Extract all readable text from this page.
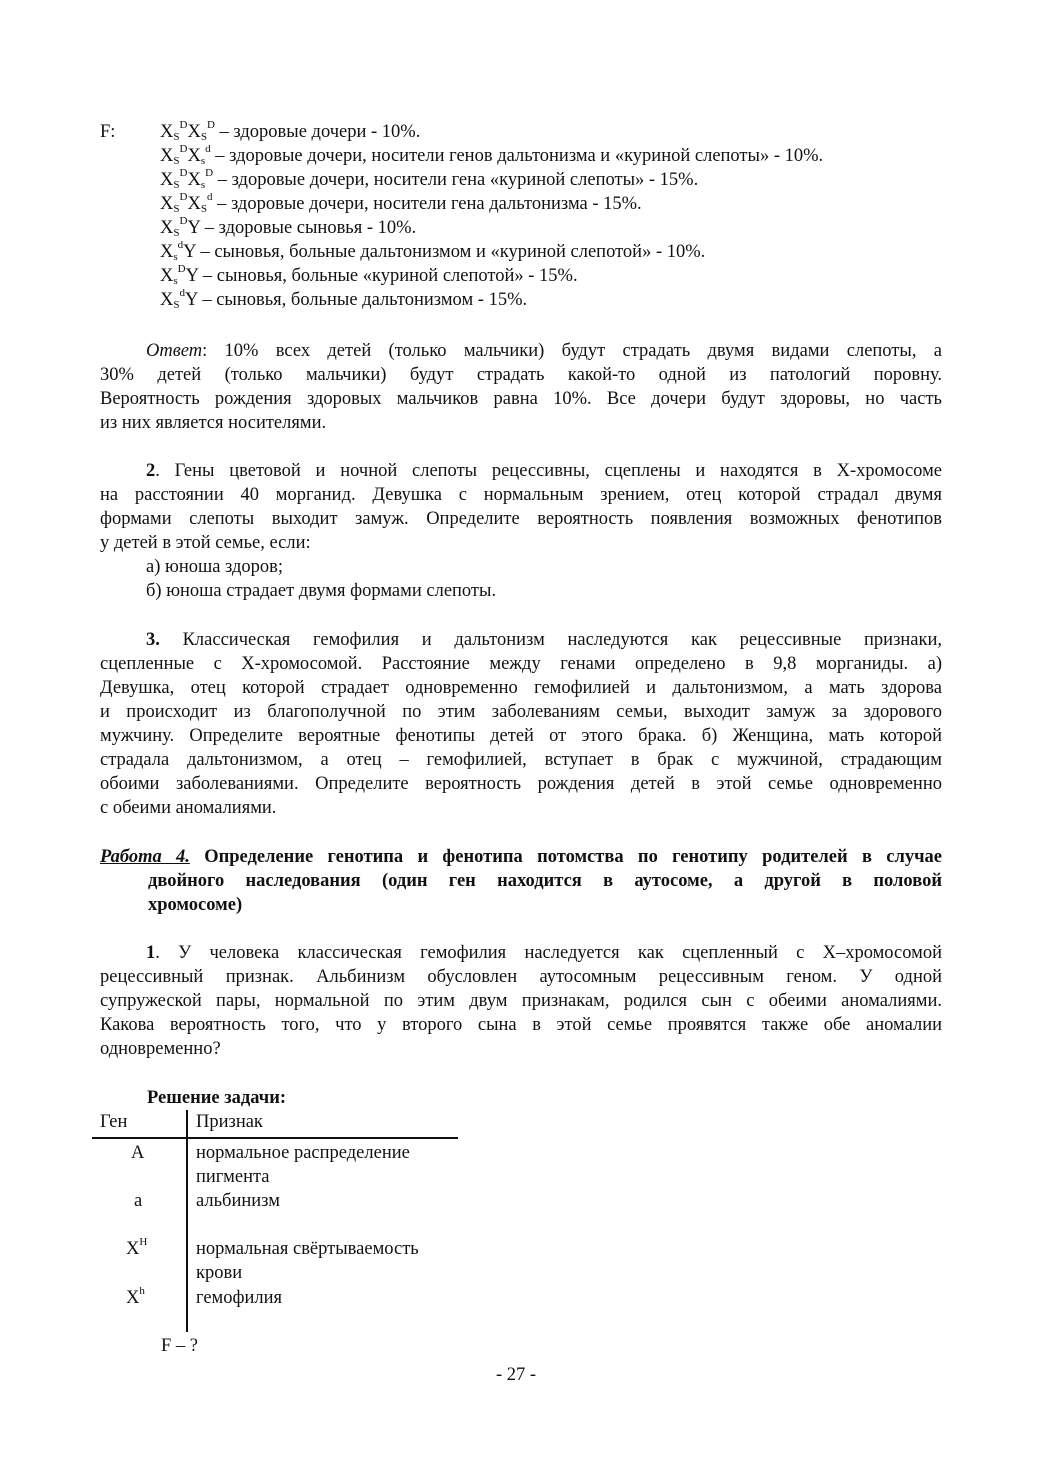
F: $X_S^DX_S^D$ – здоровые дочери - 10%.
$X_S^DX_s^d$ – здоровые дочери, носители генов дальтонизма и «куриной слепоты» - 10%.
$X_S^DX_s^D$ – здоровые дочери, носители гена «куриной слепоты» - 15%.
$X_S^DX_S^d$ – здоровые дочери, носители гена дальтонизма - 15%.
$X_S^DY$ – здоровые сыновья - 10%.
$X_s^dY$ – сыновья, больные дальтонизмом и «куриной слепотой» - 10%.
$X_s^DY$ – сыновья, больные «куриной слепотой» - 15%.
$X_S^dY$ – сыновья, больные дальтонизмом - 15%.
Ответ: 10% всех детей (только мальчики) будут страдать двумя видами слепоты, а
30% детей (только мальчики) будут страдать какой-то одной из патологий поровну.
Вероятность рождения здоровых мальчиков равна 10%. Все дочери будут здоровы, но часть
из них является носителями.
2. Гены цветовой и ночной слепоты рецессивны, сцеплены и находятся в Х-хромосоме
на расстоянии 40 морганид. Девушка с нормальным зрением, отец которой страдал двумя
формами слепоты выходит замуж. Определите вероятность появления возможных фенотипов
у детей в этой семье, если:
а) юноша здоров;
б) юноша страдает двумя формами слепоты.
3. Классическая гемофилия и дальтонизм наследуются как рецессивные признаки,
сцепленные с Х-хромосомой. Расстояние между генами определено в 9,8 морганиды. а)
Девушка, отец которой страдает одновременно гемофилией и дальтонизмом, а мать здорова
и происходит из благополучной по этим заболеваниям семьи, выходит замуж за здорового
мужчину. Определите вероятные фенотипы детей от этого брака. б) Женщина, мать которой
страдала дальтонизмом, а отец – гемофилией, вступает в брак с мужчиной, страдающим
обоими заболеваниями. Определите вероятность рождения детей в этой семье одновременно
с обеими аномалиями.
Работа 4. Определение генотипа и фенотипа потомства по генотипу родителей в случае
двойного наследования (один ген находится в аутосоме, а другой в половой
хромосоме)
1. У человека классическая гемофилия наследуется как сцепленный с Х–хромосомой
рецессивный признак. Альбинизм обусловлен аутосомным рецессивным геном. У одной
супружеской пары, нормальной по этим двум признакам, родился сын с обеими аномалиями.
Какова вероятность того, что у второго сына в этой семье проявятся также обе аномалии
одновременно?
Решение задачи:
Ген	Признак
A	нормальное распределение
пигмента
a	альбинизм
$X^H$	нормальная свёртываемость
крови
$X^h$	гемофилия
F – ?
- 27 -
